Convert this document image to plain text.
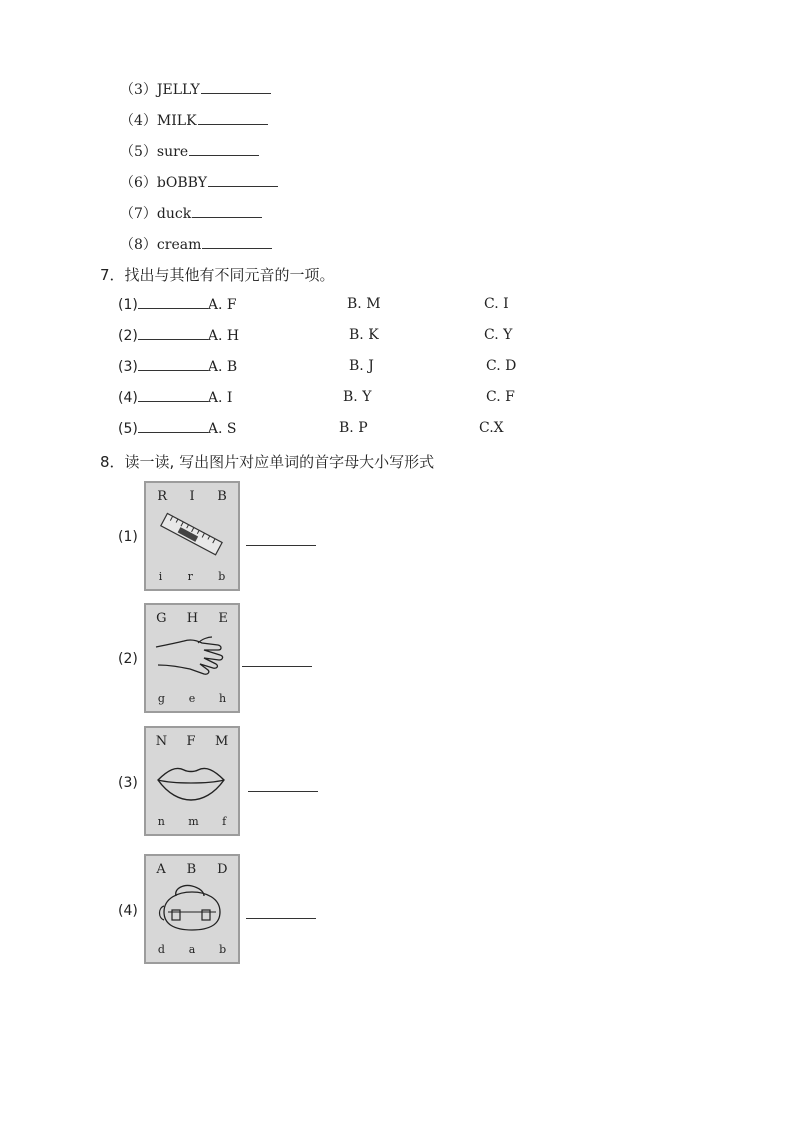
（3）JELLY
（4）MILK
（5）sure
（6）bOBBY
（7）duck
（8）cream
7．找出与其他有不同元音的一项。
(1)	A. F	B. M	C. I
(2)	A. H	B. K	C. Y
(3)	A. B	B. J	C. D
(4)	A. I	B. Y	C. F
(5)	A. S	B. P	C.X
8．读一读, 写出图片对应单词的首字母大小写形式
(1)
R I B
i r b
(2)
G H E
g e h
(3)
N F M
n m f
(4)
A B D
d a b
